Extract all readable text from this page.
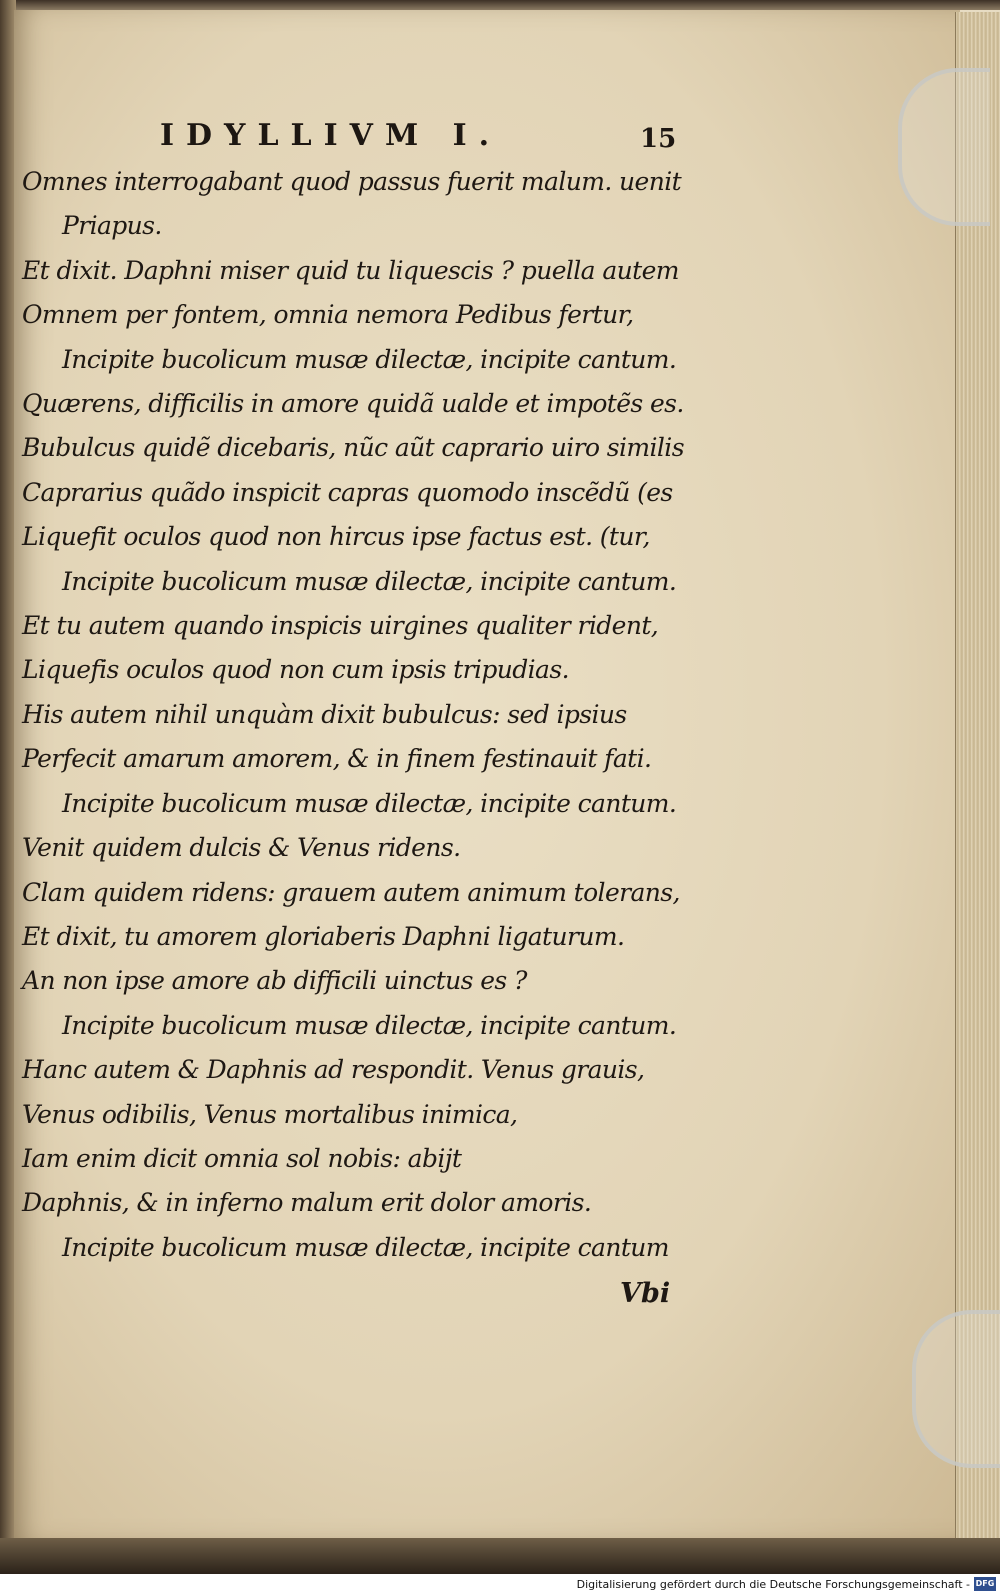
IDYLLIVM I.	15
Omnes interrogabant quod passus fuerit malum. uenit
Priapus.
Et dixit. Daphni miser quid tu liquescis ? puella autem
Omnem per fontem, omnia nemora Pedibus fertur,
Incipite bucolicum musæ dilectæ, incipite cantum.
Quærens, difficilis in amore quidã ualde et impotẽs es.
Bubulcus quidẽ dicebaris, nũc aũt caprario uiro similis
Caprarius quãdo inspicit capras quomodo inscẽdũ (es
Liquefit oculos quod non hircus ipse factus est. (tur,
Incipite bucolicum musæ dilectæ, incipite cantum.
Et tu autem quando inspicis uirgines qualiter rident,
Liquefis oculos quod non cum ipsis tripudias.
His autem nihil unquàm dixit bubulcus: sed ipsius
Perfecit amarum amorem, & in finem festinauit fati.
Incipite bucolicum musæ dilectæ, incipite cantum.
Venit quidem dulcis & Venus ridens.
Clam quidem ridens: grauem autem animum tolerans,
Et dixit, tu amorem gloriaberis Daphni ligaturum.
An non ipse amore ab difficili uinctus es ?
Incipite bucolicum musæ dilectæ, incipite cantum.
Hanc autem & Daphnis ad respondit. Venus grauis,
Venus odibilis, Venus mortalibus inimica,
Iam enim dicit omnia sol nobis: abijt
Daphnis, & in inferno malum erit dolor amoris.
Incipite bucolicum musæ dilectæ, incipite cantum
Vbi
Digitalisierung gefördert durch die Deutsche Forschungsgemeinschaft - DFG
